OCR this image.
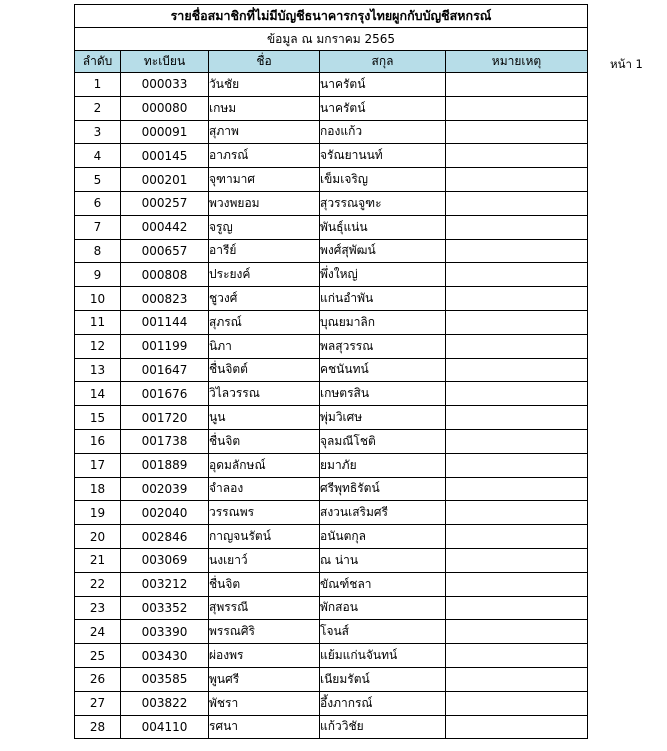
รายชื่อสมาชิกที่ไม่มีบัญชีธนาคารกรุงไทยผูกกับบัญชีสหกรณ์				
ข้อมูล ณ มกราคม 2565				
ลำดับ	ทะเบียน	ชื่อ	สกุล	หมายเหตุ
1	000033	วันชัย	นาครัตน์	
2	000080	เกษม	นาครัตน์	
3	000091	สุภาพ	กองแก้ว	
4	000145	อาภรณ์	จรัณยานนท์	
5	000201	จุฑามาศ	เข็มเจริญ	
6	000257	พวงพยอม	สุวรรณจูฑะ	
7	000442	จรูญ	พันธุ์แน่น	
8	000657	อารีย์	พงศ์สุพัฒน์	
9	000808	ประยงค์	พึ่งใหญ่	
10	000823	ชูวงศ์	แก่นอำพัน	
11	001144	สุภรณ์	บุณยมาลิก	
12	001199	นิภา	พลสุวรรณ	
13	001647	ชื่นจิตต์	คชนันทน์	
14	001676	วิไลวรรณ	เกษตรสิน	
15	001720	นูน	พุ่มวิเศษ	
16	001738	ชื่นจิต	จุลมณีโชติ	
17	001889	อุดมลักษณ์	ยมาภัย	
18	002039	จำลอง	ศรีพุทธิรัตน์	
19	002040	วรรณพร	สงวนเสริมศรี	
20	002846	กาญจนรัตน์	อนันตกุล	
21	003069	นงเยาว์	ณ น่าน	
22	003212	ชื่นจิต	ขัณฑ์ชลา	
23	003352	สุพรรณี	พักสอน	
24	003390	พรรณศิริ	โจนส์	
25	003430	ผ่องพร	แย้มแก่นจันทน์	
26	003585	พูนศรี	เนียมรัตน์	
27	003822	พัชรา	อึ้งภากรณ์	
28	004110	รศนา	แก้ววิชัย	
หน้า 1
